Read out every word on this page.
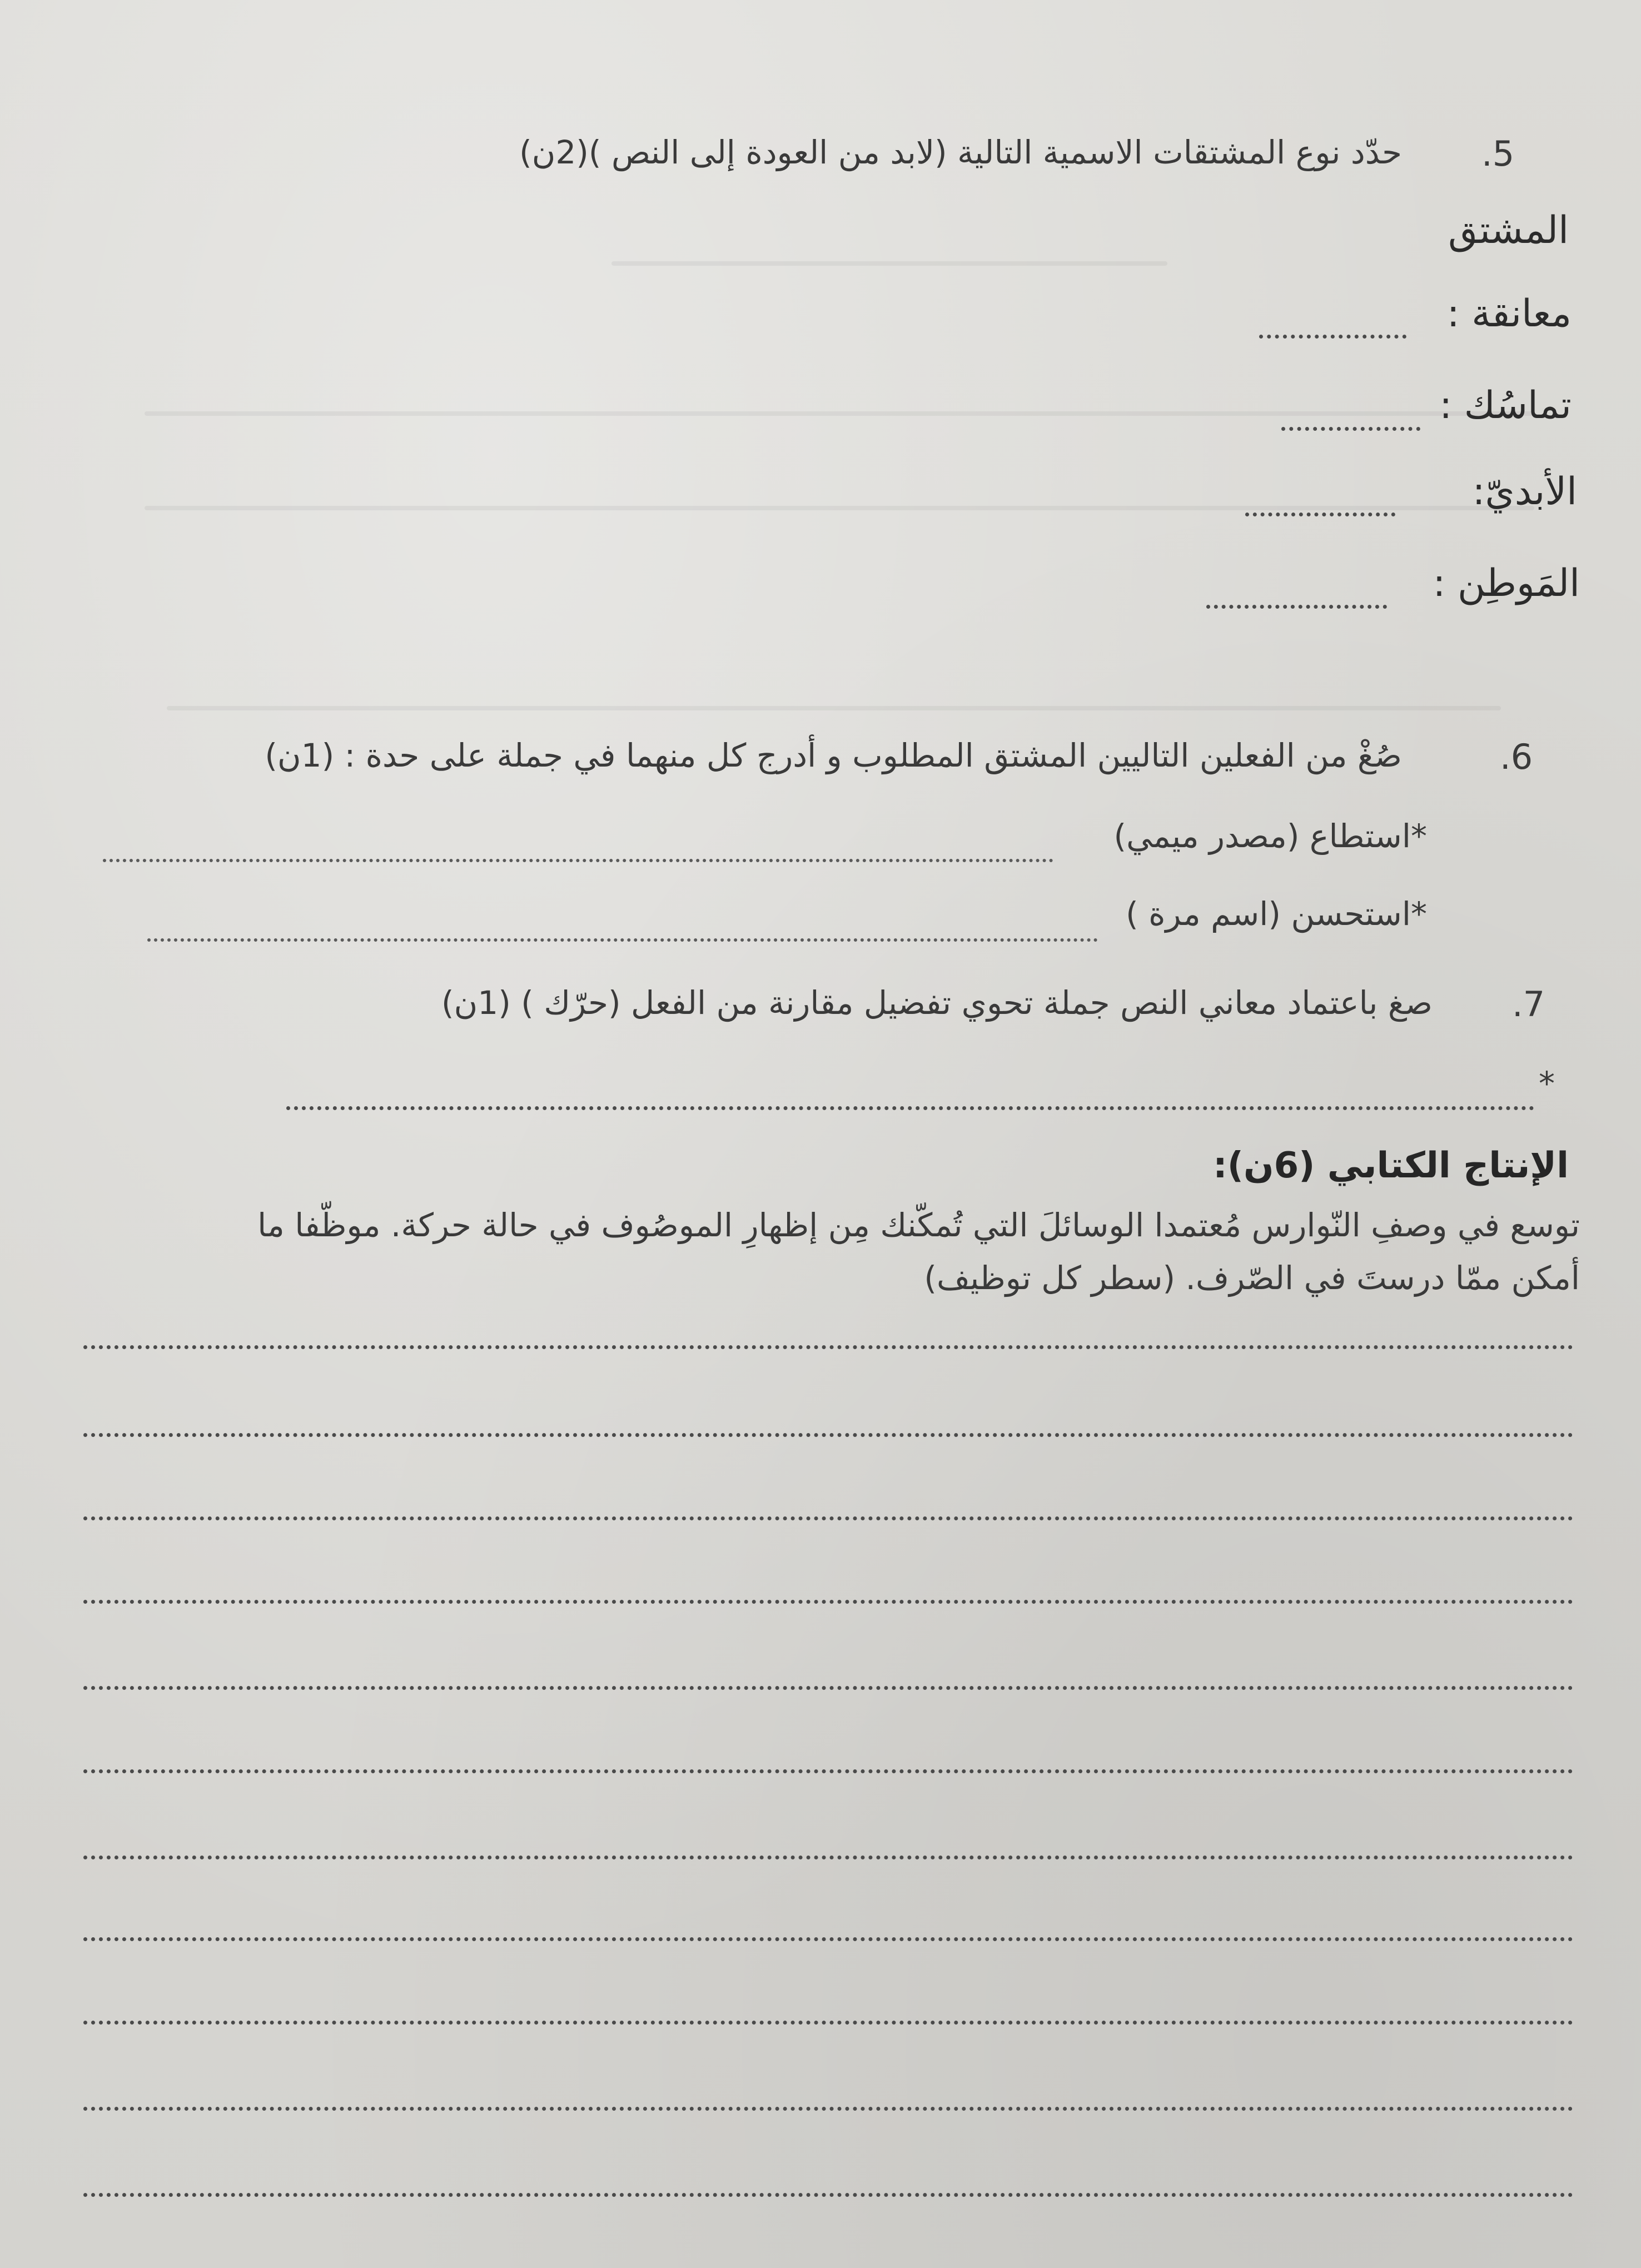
.5
حدّد نوع المشتقات الاسمية التالية (لابد من العودة إلى النص )(2ن)
المشتق
معانقة :
تماسُك :
الأبديّ:
المَوطِن :
.6
صُغْ من الفعلين التاليين المشتق المطلوب و أدرج كل منهما في جملة على حدة : (1ن)
*استطاع (مصدر ميمي)
*استحسن (اسم مرة )
.7
صغ باعتماد معاني النص جملة تحوي تفضيل مقارنة من الفعل (حرّك ) (1ن)
*
الإنتاج الكتابي (6ن):
توسع في وصفِ النّوارس مُعتمدا الوسائلَ التي تُمكّنك مِن إظهارِ الموصُوف في حالة حركة. موظّفا ما
أمكن ممّا درستَ في الصّرف. (سطر كل توظيف)
